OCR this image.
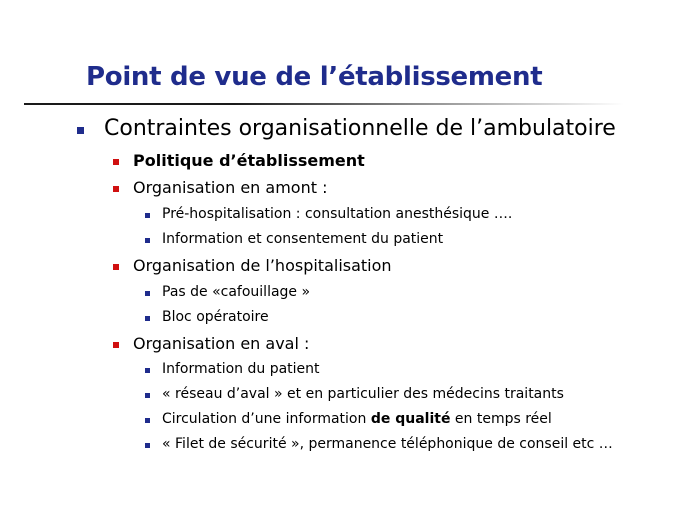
Point de vue de l’établissement
Contraintes organisationnelle de l’ambulatoire
Politique d’établissement
Organisation en amont :
Pré-hospitalisation : consultation anesthésique ….
Information et consentement du patient
Organisation de l’hospitalisation
Pas de «cafouillage »
Bloc opératoire
Organisation en aval :
Information du patient
« réseau d’aval » et en particulier des médecins traitants
Circulation d’une information de qualité en temps réel
« Filet de sécurité », permanence téléphonique de conseil etc …
